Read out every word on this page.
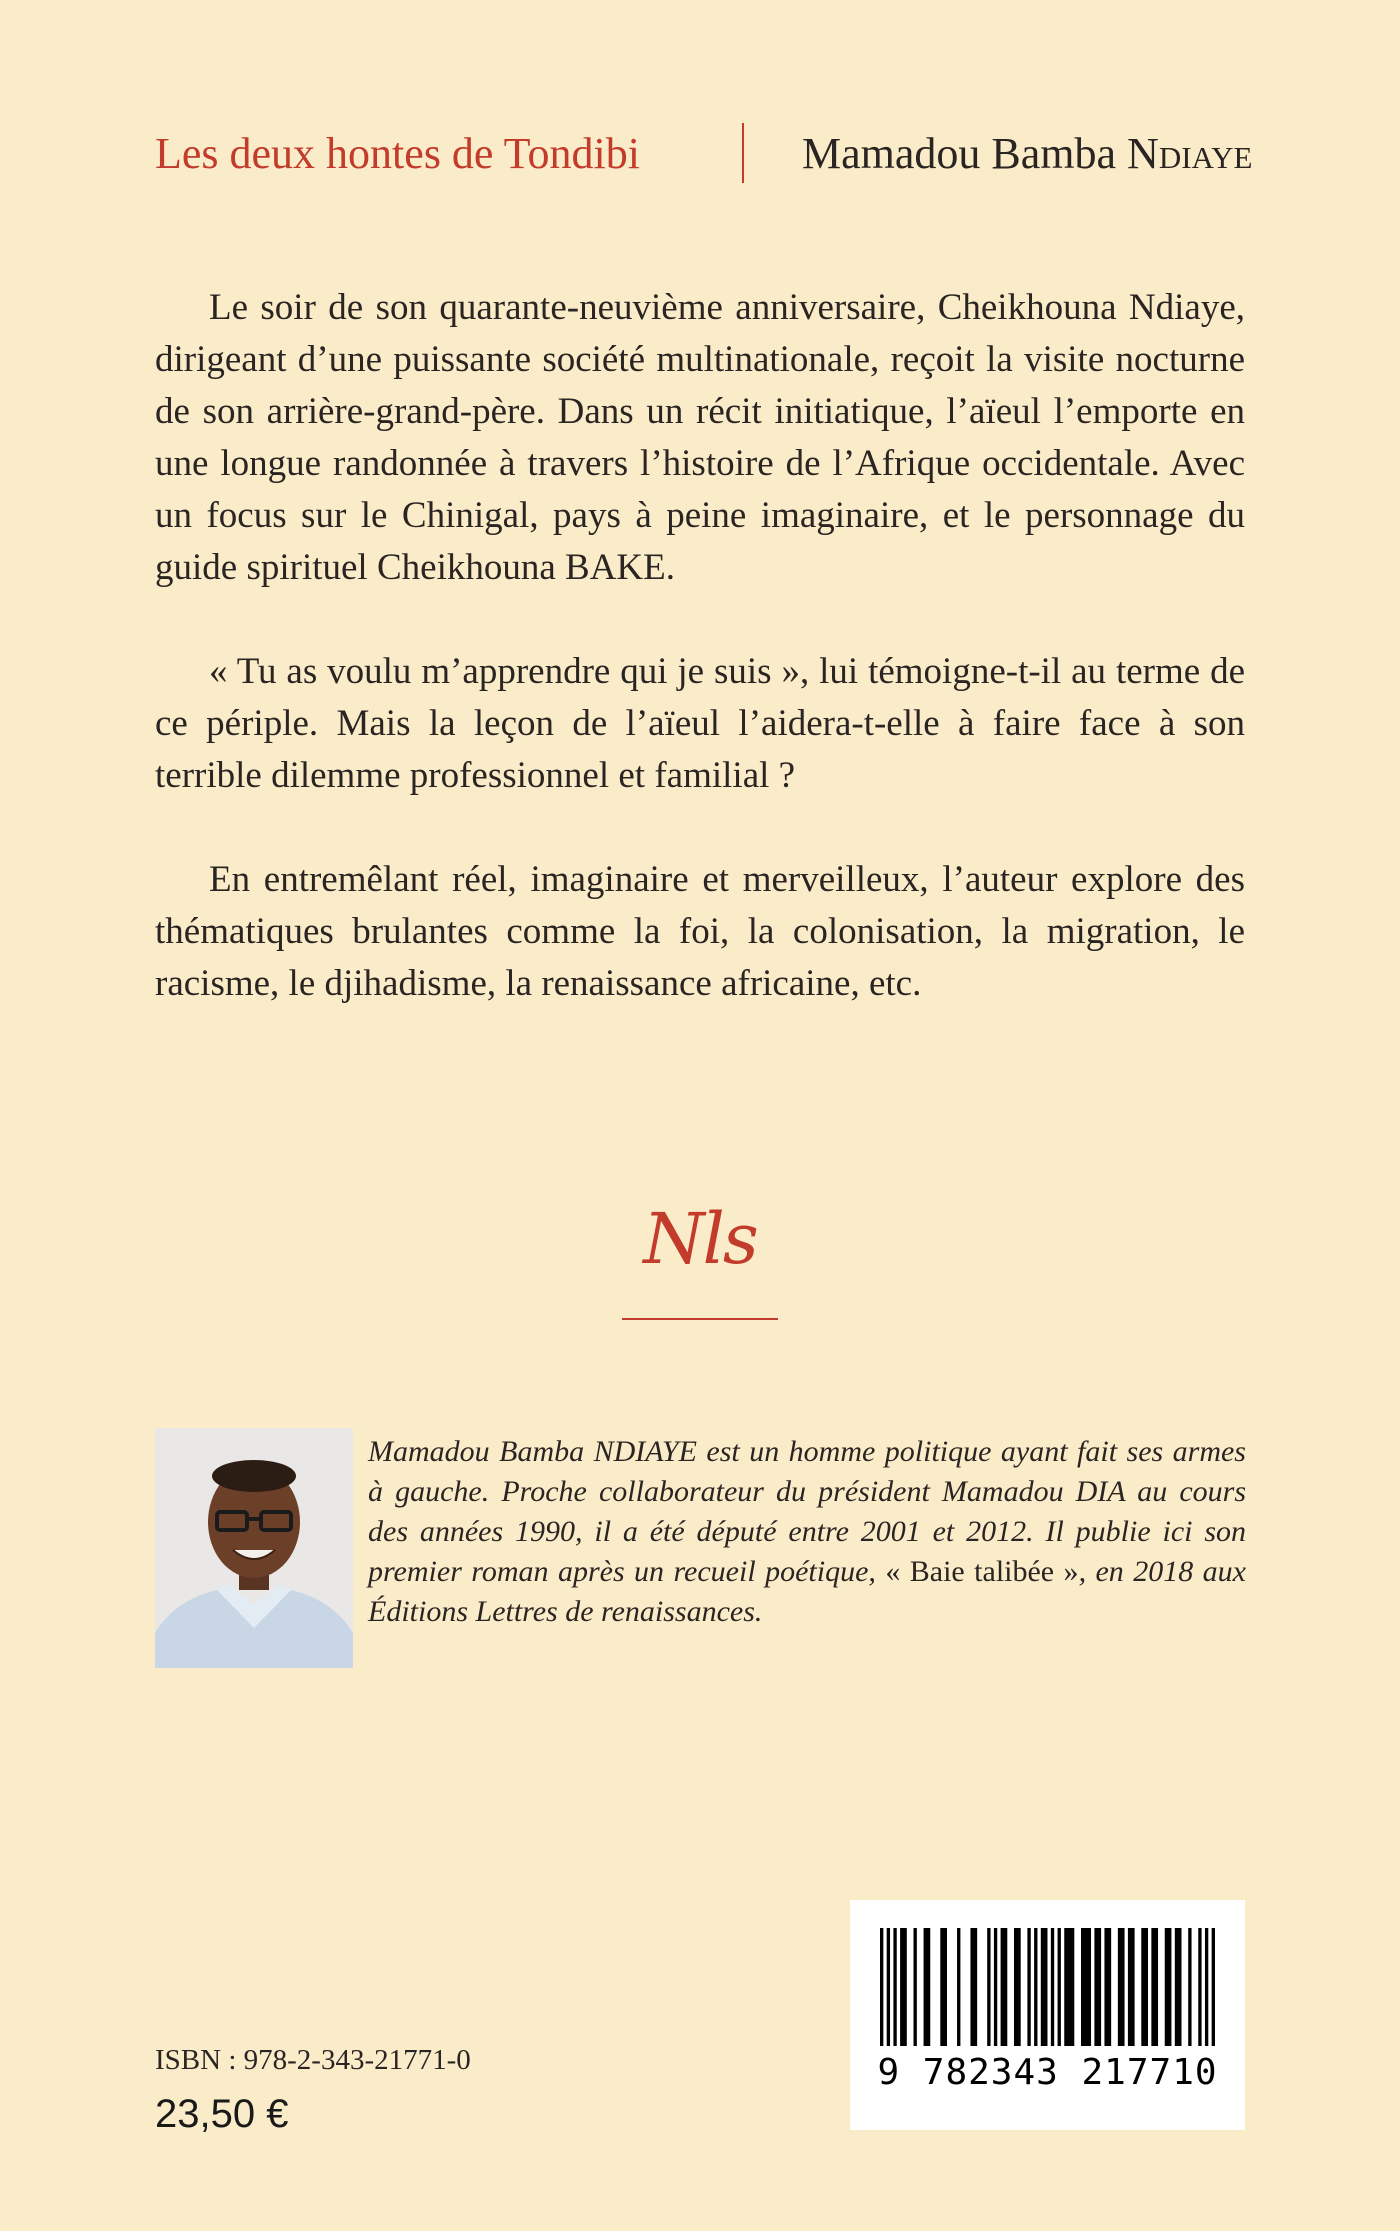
Les deux hontes de Tondibi	Mamadou Bamba Ndiaye

Le soir de son quarante-neuvième anniversaire, Cheikhouna Ndiaye, dirigeant d’une puissante société multinationale, reçoit la visite nocturne de son arrière-grand-père. Dans un récit initiatique, l’aïeul l’emporte en une longue randonnée à travers l’histoire de l’Afrique occidentale. Avec un focus sur le Chinigal, pays à peine imaginaire, et le personnage du guide spirituel Cheikhouna BAKE.

« Tu as voulu m’apprendre qui je suis », lui témoigne-t-il au terme de ce périple. Mais la leçon de l’aïeul l’aidera-t-elle à faire face à son terrible dilemme professionnel et familial ?

En entremêlant réel, imaginaire et merveilleux, l’auteur explore des thématiques brulantes comme la foi, la colonisation, la migration, le racisme, le djihadisme, la renaissance africaine, etc.

Nls
Mamadou Bamba NDIAYE est un homme politique ayant fait ses armes à gauche. Proche collaborateur du président Mamadou DIA au cours des années 1990, il a été député entre 2001 et 2012. Il publie ici son premier roman après un recueil poétique, « Baie talibée », en 2018 aux Éditions Lettres de renaissances.
ISBN : 978-2-343-21771-0
23,50 €
9 782343 217710
